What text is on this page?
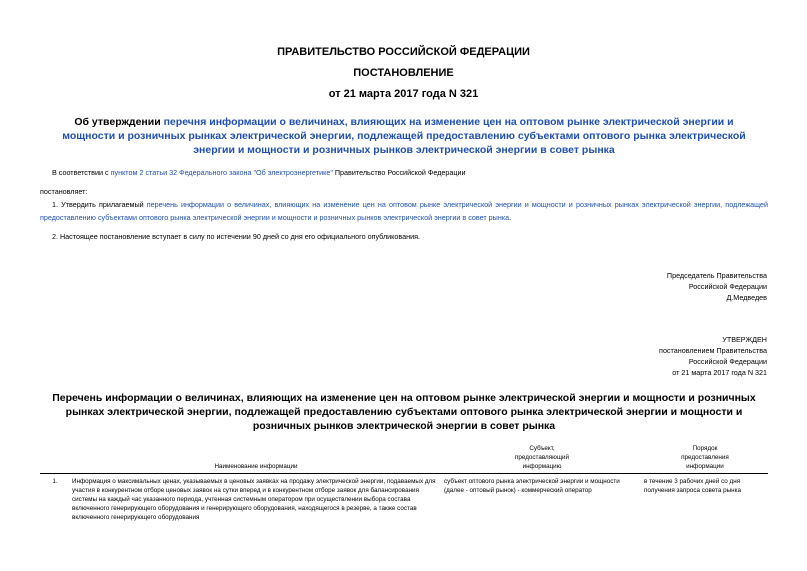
ПРАВИТЕЛЬСТВО РОССИЙСКОЙ ФЕДЕРАЦИИ
ПОСТАНОВЛЕНИЕ
от 21 марта 2017 года N 321
Об утверждении перечня информации о величинах, влияющих на изменение цен на оптовом рынке электрической энергии и мощности и розничных рынках электрической энергии, подлежащей предоставлению субъектами оптового рынка электрической энергии и мощности и розничных рынков электрической энергии в совет рынка
В соответствии с пунктом 2 статьи 32 Федерального закона "Об электроэнергетике" Правительство Российской Федерации
постановляет:
1. Утвердить прилагаемый перечень информации о величинах, влияющих на изменение цен на оптовом рынке электрической энергии и мощности и розничных рынках электрической энергии, подлежащей предоставлению субъектами оптового рынка электрической энергии и мощности и розничных рынков электрической энергии в совет рынка.
2. Настоящее постановление вступает в силу по истечении 90 дней со дня его официального опубликования.
Председатель Правительства
Российской Федерации
Д.Медведев
УТВЕРЖДЕН
постановлением Правительства
Российской Федерации
от 21 марта 2017 года N 321
Перечень информации о величинах, влияющих на изменение цен на оптовом рынке электрической энергии и мощности и розничных рынках электрической энергии, подлежащей предоставлению субъектами оптового рынка электрической энергии и мощности и розничных рынков электрической энергии в совет рынка
	Наименование информации	Субъект, предоставляющий информацию	Порядок предоставления информации

1.	Информация о максимальных ценах, указываемых в ценовых заявках на продажу электрической энергии, подаваемых для участия в конкурентном отборе ценовых заявок на сутки вперед и в конкурентном отборе заявок для балансирования системы на каждый час указанного периода, учтенная системным оператором при осуществлении выбора состава включенного генерирующего оборудования и генерирующего оборудования, находящегося в резерве, а также состав включенного генерирующего оборудования	субъект оптового рынка электрической энергии и мощности (далее - оптовый рынок) - коммерческий оператор	в течение 3 рабочих дней со дня получения запроса совета рынка
